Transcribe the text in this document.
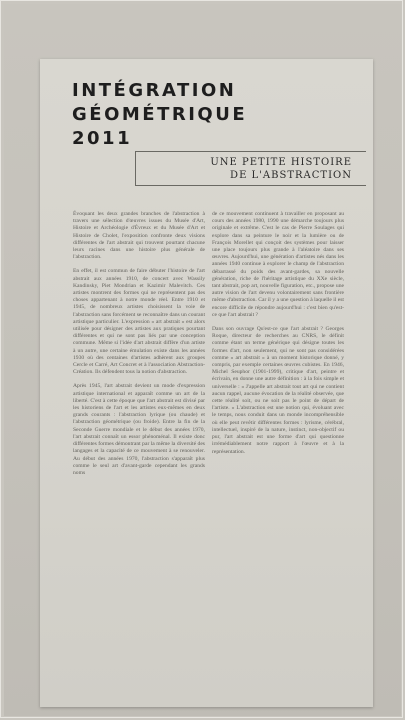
INTÉGRATION
GÉOMÉTRIQUE
2011
UNE PETITE HISTOIRE
DE L'ABSTRACTION

Évoquant les deux grandes branches de l'abstraction à travers une sélection d'œuvres issues du Musée d'Art, Histoire et Archéologie d'Évreux et du Musée d'Art et Histoire de Cholet, l'exposition confronte deux visions différentes de l'art abstrait qui trouvent pourtant chacune leurs racines dans une histoire plus générale de l'abstraction.

En effet, il est commun de faire débuter l'histoire de l'art abstrait aux années 1910, de concert avec Wassily Kandinsky, Piet Mondrian et Kazimir Malevitch. Ces artistes montrent des formes qui ne représentent pas des choses appartenant à notre monde réel. Entre 1910 et 1945, de nombreux artistes choisissent la voie de l'abstraction sans forcément se reconnaître dans un courant artistique particulier. L'expression « art abstrait » est alors utilisée pour désigner des artistes aux pratiques pourtant différentes et qui ne sont pas liés par une conception commune. Même si l'idée d'art abstrait diffère d'un artiste à un autre, une certaine émulation existe dans les années 1930 où des centaines d'artistes adhèrent aux groupes Cercle et Carré, Art Concret et à l'association Abstraction-Création. Ils défendent tous la notion d'abstraction.

Après 1945, l'art abstrait devient un mode d'expression artistique international et apparaît comme un art de la liberté. C'est à cette époque que l'art abstrait est divisé par les historiens de l'art et les artistes eux-mêmes en deux grands courants : l'abstraction lyrique (ou chaude) et l'abstraction géométrique (ou froide). Entre la fin de la Seconde Guerre mondiale et le début des années 1970, l'art abstrait connaît un essor phénoménal. Il existe donc différentes formes démontrant par la même la diversité des langages et la capacité de ce mouvement à se renouveler. Au début des années 1970, l'abstraction s'apparaît plus comme le seul art d'avant-garde cependant les grands noms

de ce mouvement continuent à travailler en proposant au cours des années 1980, 1990 une démarche toujours plus originale et extrême. C'est le cas de Pierre Soulages qui explore dans sa peinture le noir et la lumière ou de François Morellet qui conçoit des systèmes pour laisser une place toujours plus grande à l'aléatoire dans ses œuvres. Aujourd'hui, une génération d'artistes nés dans les années 1940 continue à explorer le champ de l'abstraction débarrassé du poids des avant-gardes, sa nouvelle génération, riche de l'héritage artistique du XXe siècle, tant abstrait, pop art, nouvelle figuration, etc., propose une autre vision de l'art devenu volontairement sans frontière même d'abstraction. Car il y a une question à laquelle il est encore difficile de répondre aujourd'hui : c'est bien qu'est-ce que l'art abstrait ?

Dans son ouvrage Qu'est-ce que l'art abstrait ? Georges Roque, directeur de recherches au CNRS, le définit comme étant un terme générique qui désigne toutes les formes d'art, non seulement, qui ne sont pas considérées comme « art abstrait » à un moment historique donné, y compris, par exemple certaines œuvres cubistes. En 1946, Michel Seuphor (1901-1999), critique d'art, peintre et écrivain, en donne une autre définition : à la fois simple et universelle : « J'appelle art abstrait tout art qui ne contient aucun rappel, aucune évocation de la réalité observée, que cette réalité soit, ou ne soit pas le point de départ de l'artiste. » L'abstraction est une notion qui, évoluant avec le temps, nous conduit dans un monde incompréhensible où elle peut revêtir différentes formes : lyrisme, cérébral, intellectuel, inspiré de la nature, instinct, non-objectif ou pur, l'art abstrait est une forme d'art qui questionne irrémédiablement notre rapport à l'œuvre et à la représentation.
